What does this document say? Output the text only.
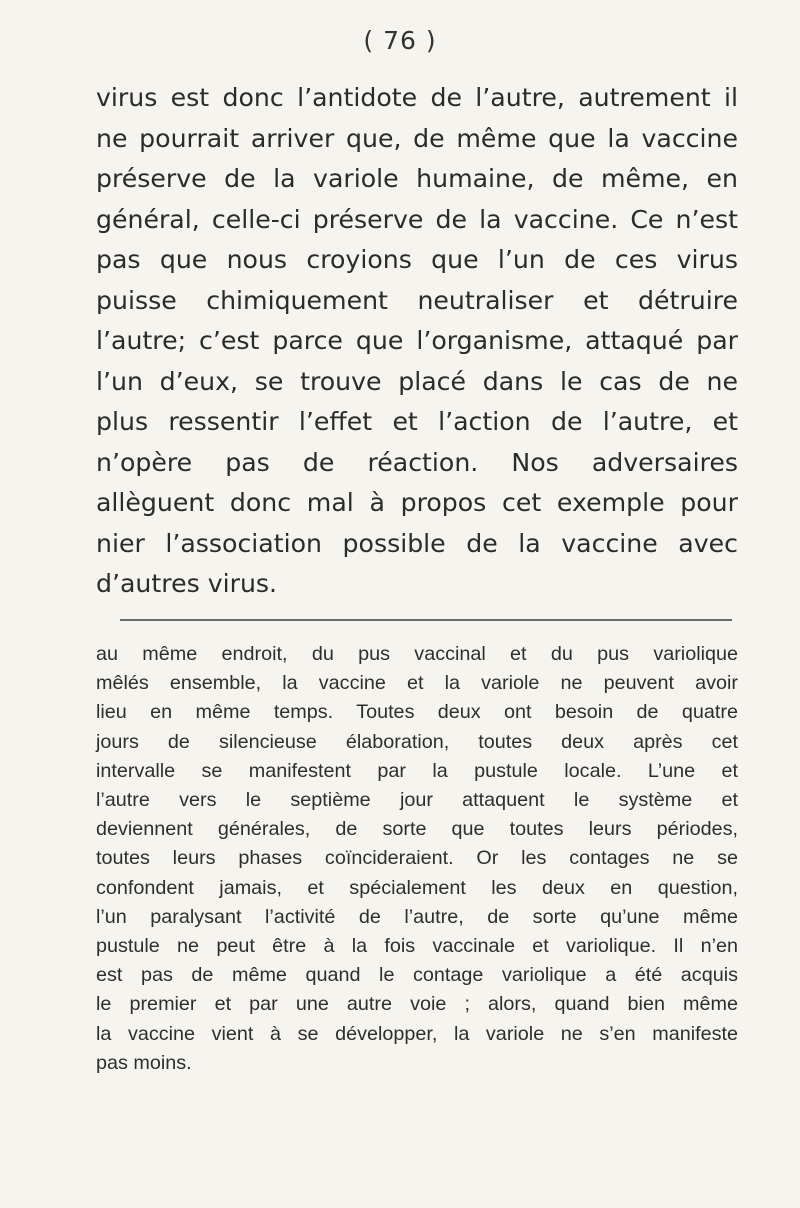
( 76 )

virus est donc l’antidote de l’autre, autrement il
ne pourrait arriver que, de même que la vaccine
préserve de la variole humaine, de même, en
général, celle-ci préserve de la vaccine. Ce n’est
pas que nous croyions que l’un de ces virus
puisse chimiquement neutraliser et détruire
l’autre; c’est parce que l’organisme, attaqué par
l’un d’eux, se trouve placé dans le cas de ne
plus ressentir l’effet et l’action de l’autre, et
n’opère pas de réaction. Nos adversaires
allèguent donc mal à propos cet exemple pour
nier l’association possible de la vaccine avec
d’autres virus.

au même endroit, du pus vaccinal et du pus variolique
mêlés ensemble, la vaccine et la variole ne peuvent avoir
lieu en même temps. Toutes deux ont besoin de quatre
jours de silencieuse élaboration, toutes deux après cet
intervalle se manifestent par la pustule locale. L’une et
l’autre vers le septième jour attaquent le système et
deviennent générales, de sorte que toutes leurs périodes,
toutes leurs phases coïncideraient. Or les contages ne se
confondent jamais, et spécialement les deux en question,
l’un paralysant l’activité de l’autre, de sorte qu’une même
pustule ne peut être à la fois vaccinale et variolique. Il n’en
est pas de même quand le contage variolique a été acquis
le premier et par une autre voie ; alors, quand bien même
la vaccine vient à se développer, la variole ne s’en manifeste
pas moins.
